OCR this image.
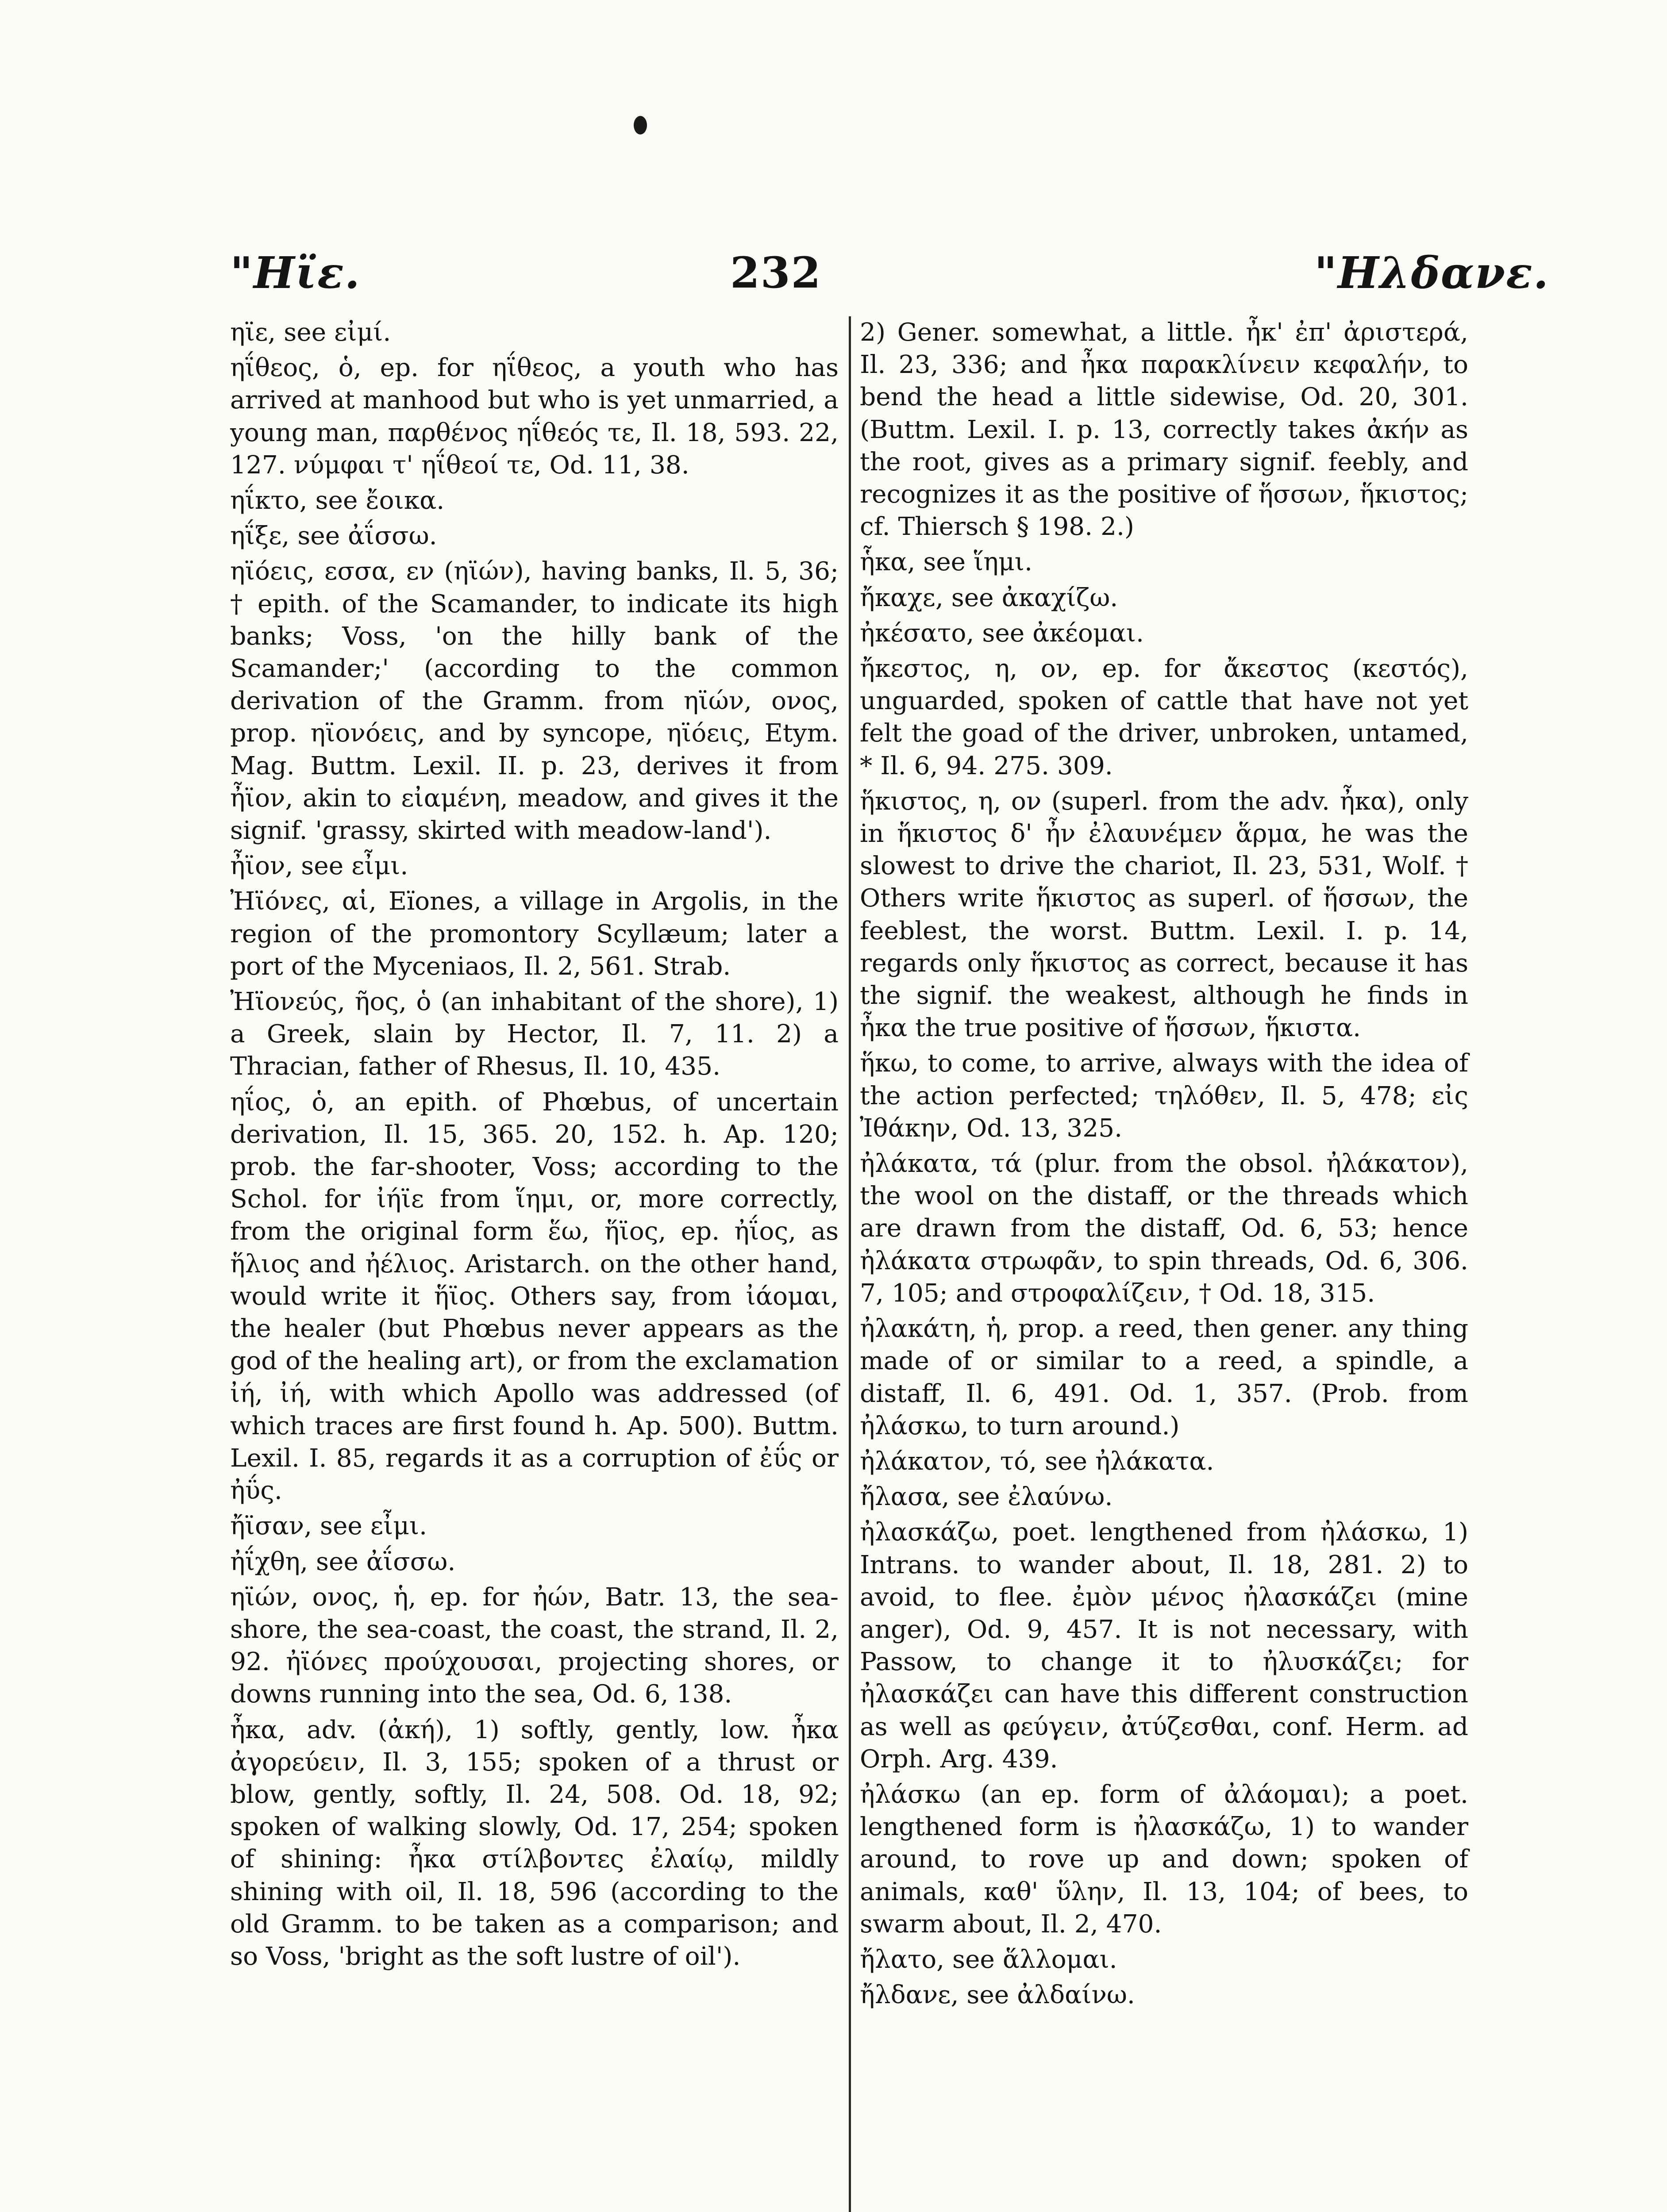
"Ηϊε.	232	"Ηλδανε.
ηϊε, see εἰμί.
ηΐθεος, ὁ, ep. for ηΐθεος, a youth who has arrived at manhood but who is yet unmarried, a young man, παρθένος ηΐθεός τε, Il. 18, 593. 22, 127. νύμφαι τ' ηΐθεοί τε, Od. 11, 38.
ηΐκτο, see ἔοικα.
ηΐξε, see ἀΐσσω.
ηϊόεις, εσσα, εν (ηϊών), having banks, Il. 5, 36; † epith. of the Scamander, to indicate its high banks; Voss, 'on the hilly bank of the Scamander;' (according to the common derivation of the Gramm. from ηϊών, ονος, prop. ηϊονόεις, and by syncope, ηϊόεις, Etym. Mag. Buttm. Lexil. II. p. 23, derives it from ἦϊον, akin to εἰαμένη, meadow, and gives it the signif. 'grassy, skirted with meadow-land').
ἦϊον, see εἶμι.
Ἠϊόνες, αἱ, Eïones, a village in Argolis, in the region of the promontory Scyllæum; later a port of the Myceniaos, Il. 2, 561. Strab.
Ἠϊονεύς, ῆος, ὁ (an inhabitant of the shore), 1) a Greek, slain by Hector, Il. 7, 11. 2) a Thracian, father of Rhesus, Il. 10, 435.
ηΐος, ὁ, an epith. of Phœbus, of uncertain derivation, Il. 15, 365. 20, 152. h. Ap. 120; prob. the far-shooter, Voss; according to the Schol. for ἰήϊε from ἵημι, or, more correctly, from the original form ἕω, ἥϊος, ep. ἠΐος, as ἥλιος and ἠέλιος. Aristarch. on the other hand, would write it ἥϊος. Others say, from ἰάομαι, the healer (but Phœbus never appears as the god of the healing art), or from the exclamation ἰή, ἰή, with which Apollo was addressed (of which traces are first found h. Ap. 500). Buttm. Lexil. I. 85, regards it as a corruption of ἐΰς or ἠΰς.
ἤϊσαν, see εἶμι.
ἠΐχθη, see ἀΐσσω.
ηϊών, ονος, ἡ, ep. for ἠών, Batr. 13, the sea-shore, the sea-coast, the coast, the strand, Il. 2, 92. ἠϊόνες προύχουσαι, projecting shores, or downs running into the sea, Od. 6, 138.
ἦκα, adv. (ἀκή), 1) softly, gently, low. ἦκα ἀγορεύειν, Il. 3, 155; spoken of a thrust or blow, gently, softly, Il. 24, 508. Od. 18, 92; spoken of walking slowly, Od. 17, 254; spoken of shining: ἦκα στίλβοντες ἐλαίῳ, mildly shining with oil, Il. 18, 596 (according to the old Gramm. to be taken as a comparison; and so Voss, 'bright as the soft lustre of oil').
2) Gener. somewhat, a little. ἦκ' ἐπ' ἀριστερά, Il. 23, 336; and ἦκα παρακλίνειν κεφαλήν, to bend the head a little sidewise, Od. 20, 301. (Buttm. Lexil. I. p. 13, correctly takes ἀκήν as the root, gives as a primary signif. feebly, and recognizes it as the positive of ἥσσων, ἥκιστος; cf. Thiersch § 198. 2.)
ἧκα, see ἵημι.
ἤκαχε, see ἀκαχίζω.
ἠκέσατο, see ἀκέομαι.
ἤκεστος, η, ον, ep. for ἄκεστος (κεστός), unguarded, spoken of cattle that have not yet felt the goad of the driver, unbroken, untamed, * Il. 6, 94. 275. 309.
ἥκιστος, η, ον (superl. from the adv. ἦκα), only in ἥκιστος δ' ἦν ἐλαυνέμεν ἅρμα, he was the slowest to drive the chariot, Il. 23, 531, Wolf. † Others write ἥκιστος as superl. of ἥσσων, the feeblest, the worst. Buttm. Lexil. I. p. 14, regards only ἥκιστος as correct, because it has the signif. the weakest, although he finds in ἦκα the true positive of ἥσσων, ἥκιστα.
ἥκω, to come, to arrive, always with the idea of the action perfected; τηλόθεν, Il. 5, 478; εἰς Ἰθάκην, Od. 13, 325.
ἠλάκατα, τά (plur. from the obsol. ἠλάκατον), the wool on the distaff, or the threads which are drawn from the distaff, Od. 6, 53; hence ἠλάκατα στρωφᾶν, to spin threads, Od. 6, 306. 7, 105; and στροφαλίζειν, † Od. 18, 315.
ἠλακάτη, ἡ, prop. a reed, then gener. any thing made of or similar to a reed, a spindle, a distaff, Il. 6, 491. Od. 1, 357. (Prob. from ἠλάσκω, to turn around.)
ἠλάκατον, τό, see ἠλάκατα.
ἤλασα, see ἐλαύνω.
ἠλασκάζω, poet. lengthened from ἠλάσκω, 1) Intrans. to wander about, Il. 18, 281. 2) to avoid, to flee. ἐμὸν μένος ἠλασκάζει (mine anger), Od. 9, 457. It is not necessary, with Passow, to change it to ἠλυσκάζει; for ἠλασκάζει can have this different construction as well as φεύγειν, ἀτύζεσθαι, conf. Herm. ad Orph. Arg. 439.
ἠλάσκω (an ep. form of ἀλάομαι); a poet. lengthened form is ἠλασκάζω, 1) to wander around, to rove up and down; spoken of animals, καθ' ὕλην, Il. 13, 104; of bees, to swarm about, Il. 2, 470.
ἤλατο, see ἅλλομαι.
ἤλδανε, see ἀλδαίνω.
